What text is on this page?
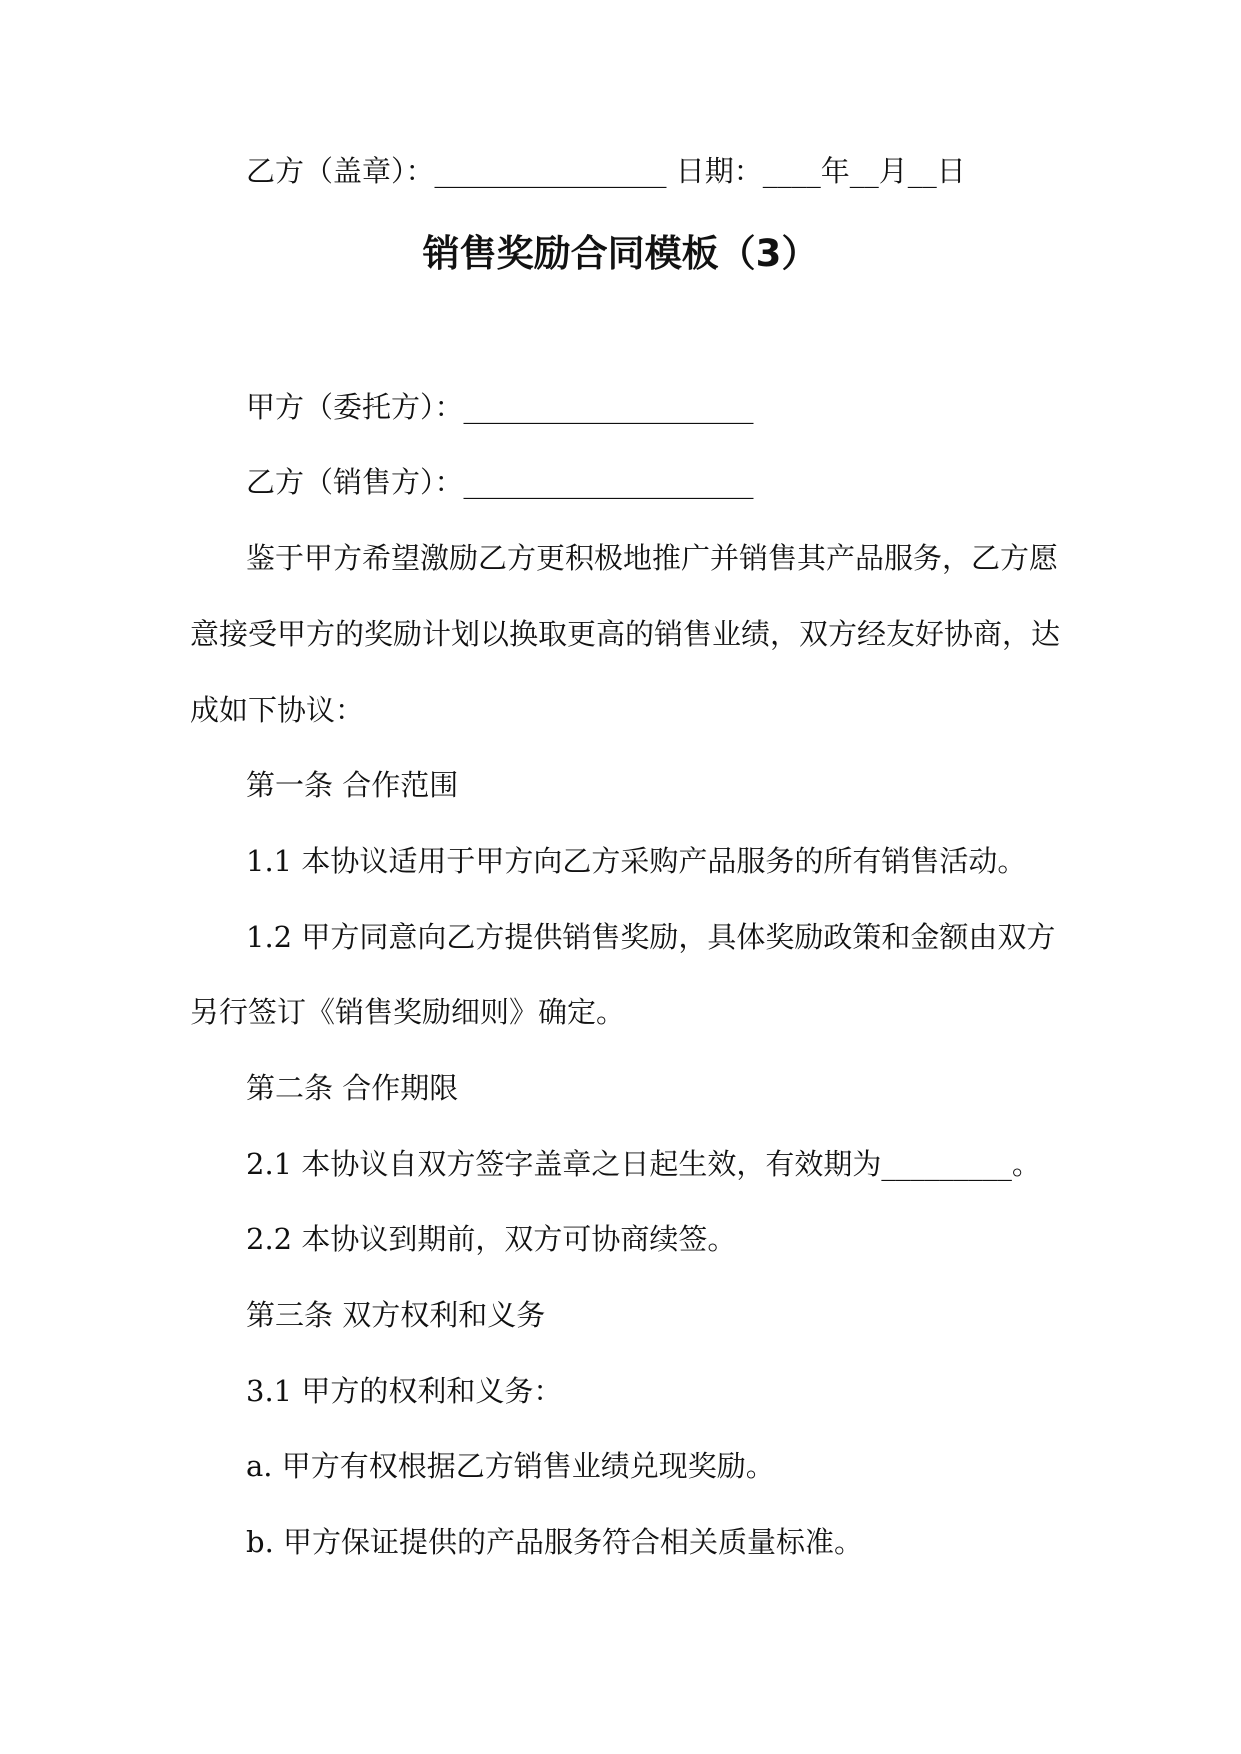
乙方（盖章）：________________ 日期：____年__月__日
销售奖励合同模板（3）
甲方（委托方）：____________________
乙方（销售方）：____________________
鉴于甲方希望激励乙方更积极地推广并销售其产品服务，乙方愿
意接受甲方的奖励计划以换取更高的销售业绩，双方经友好协商，达
成如下协议：
第一条 合作范围
1.1 本协议适用于甲方向乙方采购产品服务的所有销售活动。
1.2 甲方同意向乙方提供销售奖励，具体奖励政策和金额由双方
另行签订《销售奖励细则》确定。
第二条 合作期限
2.1 本协议自双方签字盖章之日起生效，有效期为_________。
2.2 本协议到期前，双方可协商续签。
第三条 双方权利和义务
3.1 甲方的权利和义务：
a. 甲方有权根据乙方销售业绩兑现奖励。
b. 甲方保证提供的产品服务符合相关质量标准。
